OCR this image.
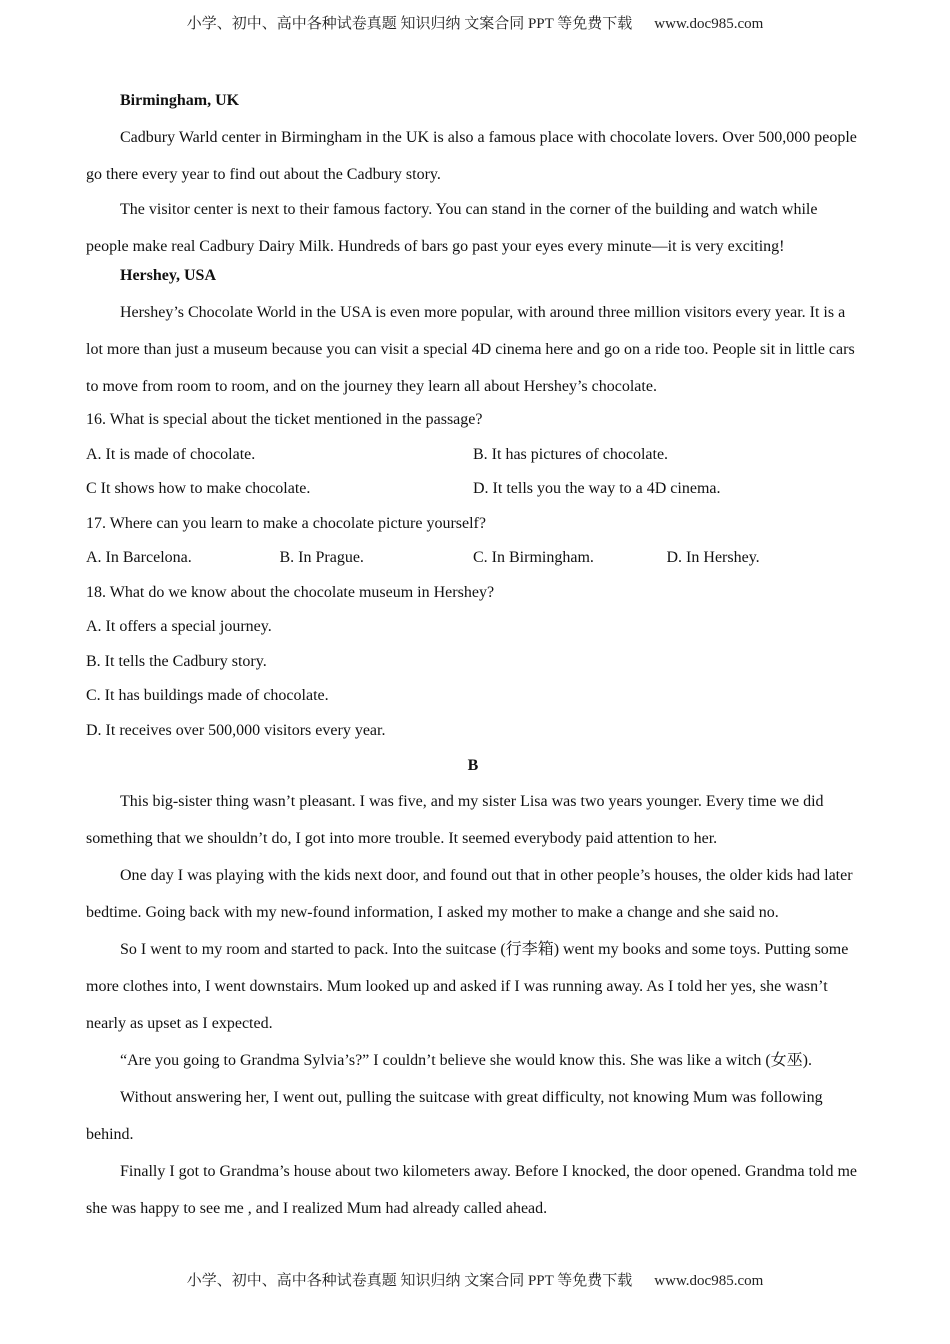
小学、初中、高中各种试卷真题 知识归纳 文案合同 PPT 等免费下载 www.doc985.com

Birmingham, UK

Cadbury Warld center in Birmingham in the UK is also a famous place with chocolate lovers. Over 500,000 people go there every year to find out about the Cadbury story.

The visitor center is next to their famous factory. You can stand in the corner of the building and watch while people make real Cadbury Dairy Milk. Hundreds of bars go past your eyes every minute—it is very exciting!

Hershey, USA

Hershey’s Chocolate World in the USA is even more popular, with around three million visitors every year. It is a lot more than just a museum because you can visit a special 4D cinema here and go on a ride too. People sit in little cars to move from room to room, and on the journey they learn all about Hershey’s chocolate.

16. What is special about the ticket mentioned in the passage?

A. It is made of chocolate.	B. It has pictures of chocolate.
C It shows how to make chocolate.	D. It tells you the way to a 4D cinema.

17. Where can you learn to make a chocolate picture yourself?

A. In Barcelona.	B. In Prague.	C. In Birmingham.	D. In Hershey.

18. What do we know about the chocolate museum in Hershey?

A. It offers a special journey.

B. It tells the Cadbury story.

C. It has buildings made of chocolate.

D. It receives over 500,000 visitors every year.

B

This big-sister thing wasn’t pleasant. I was five, and my sister Lisa was two years younger. Every time we did something that we shouldn’t do, I got into more trouble. It seemed everybody paid attention to her.

One day I was playing with the kids next door, and found out that in other people’s houses, the older kids had later bedtime. Going back with my new-found information, I asked my mother to make a change and she said no.

So I went to my room and started to pack. Into the suitcase (行李箱) went my books and some toys. Putting some more clothes into, I went downstairs. Mum looked up and asked if I was running away. As I told her yes, she wasn’t nearly as upset as I expected.

“Are you going to Grandma Sylvia’s?” I couldn’t believe she would know this. She was like a witch (女巫).

Without answering her, I went out, pulling the suitcase with great difficulty, not knowing Mum was following behind.

Finally I got to Grandma’s house about two kilometers away. Before I knocked, the door opened. Grandma told me she was happy to see me , and I realized Mum had already called ahead.

小学、初中、高中各种试卷真题 知识归纳 文案合同 PPT 等免费下载 www.doc985.com
